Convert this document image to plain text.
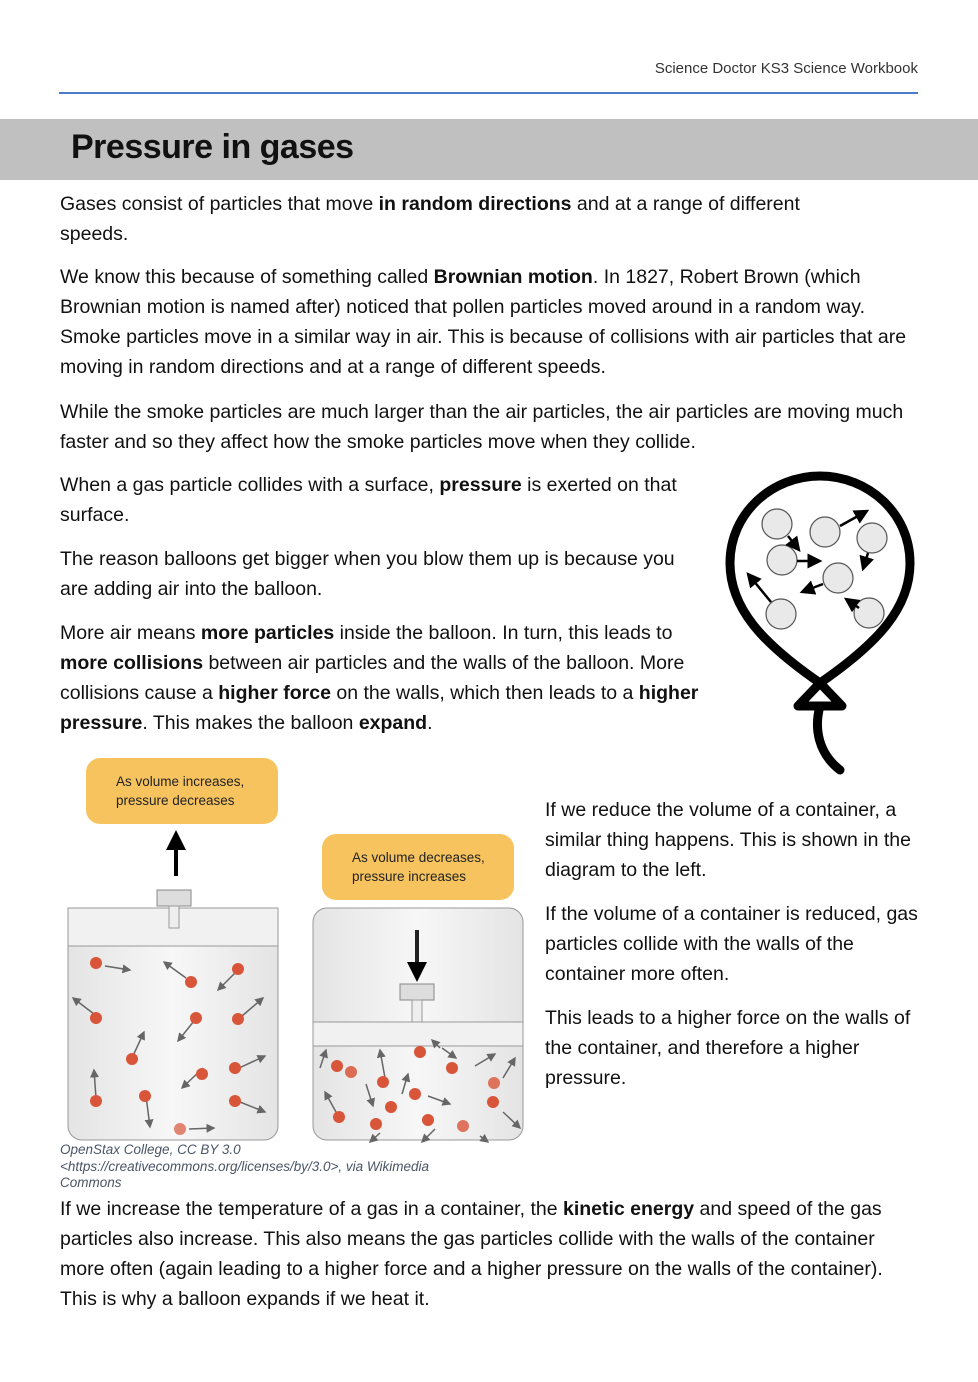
Science Doctor KS3 Science Workbook
Pressure in gases

Gases consist of particles that move in random directions and at a range of different speeds.

We know this because of something called Brownian motion. In 1827, Robert Brown (which Brownian motion is named after) noticed that pollen particles moved around in a random way. Smoke particles move in a similar way in air. This is because of collisions with air particles that are moving in random directions and at a range of different speeds.

While the smoke particles are much larger than the air particles, the air particles are moving much faster and so they affect how the smoke particles move when they collide.

When a gas particle collides with a surface, pressure is exerted on that surface.

The reason balloons get bigger when you blow them up is because you are adding air into the balloon.

More air means more particles inside the balloon. In turn, this leads to more collisions between air particles and the walls of the balloon. More collisions cause a higher force on the walls, which then leads to a higher pressure. This makes the balloon expand.

As volume increases,
pressure decreases
As volume decreases,
pressure increases
OpenStax College, CC BY 3.0
<https://creativecommons.org/licenses/by/3.0>, via Wikimedia
Commons

If we reduce the volume of a container, a similar thing happens. This is shown in the diagram to the left.

If the volume of a container is reduced, gas particles collide with the walls of the container more often.

This leads to a higher force on the walls of the container, and therefore a higher pressure.

If we increase the temperature of a gas in a container, the kinetic energy and speed of the gas particles also increase. This also means the gas particles collide with the walls of the container more often (again leading to a higher force and a higher pressure on the walls of the container). This is why a balloon expands if we heat it.
